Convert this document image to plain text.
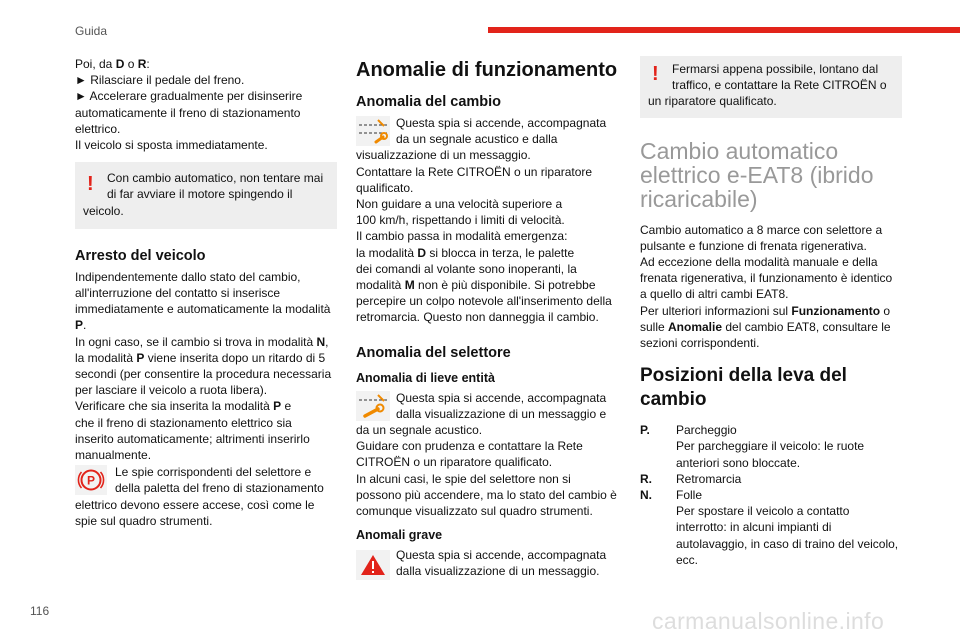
Guida
Poi, da D o R:
► Rilasciare il pedale del freno.
► Accelerare gradualmente per disinserire
automaticamente il freno di stazionamento
elettrico.
Il veicolo si sposta immediatamente.
!	Con cambio automatico, non tentare mai
di far avviare il motore spingendo il
veicolo.
Arresto del veicolo
Indipendentemente dallo stato del cambio,
all'interruzione del contatto si inserisce
immediatamente e automaticamente la modalità
P.
In ogni caso, se il cambio si trova in modalità N,
la modalità P viene inserita dopo un ritardo di 5
secondi (per consentire la procedura necessaria
per lasciare il veicolo a ruota libera).
Verificare che sia inserita la modalità P e
che il freno di stazionamento elettrico sia
inserito automaticamente; altrimenti inserirlo
manualmente.
P
Le spie corrispondenti del selettore e
della paletta del freno di stazionamento
elettrico devono essere accese, così come le
spie sul quadro strumenti.
Anomalie di funzionamento
Anomalia del cambio
Questa spia si accende, accompagnata
da un segnale acustico e dalla
visualizzazione di un messaggio.
Contattare la Rete CITROËN o un riparatore
qualificato.
Non guidare a una velocità superiore a
100 km/h, rispettando i limiti di velocità.
Il cambio passa in modalità emergenza:
la modalità D si blocca in terza, le palette
dei comandi al volante sono inoperanti, la
modalità M non è più disponibile. Si potrebbe
percepire un colpo notevole all'inserimento della
retromarcia. Questo non danneggia il cambio.
Anomalia del selettore
Anomalia di lieve entità
Questa spia si accende, accompagnata
dalla visualizzazione di un messaggio e
da un segnale acustico.
Guidare con prudenza e contattare la Rete
CITROËN o un riparatore qualificato.
In alcuni casi, le spie del selettore non si
possono più accendere, ma lo stato del cambio è
comunque visualizzato sul quadro strumenti.
Anomali grave
Questa spia si accende, accompagnata
dalla visualizzazione di un messaggio.
!	Fermarsi appena possibile, lontano dal
traffico, e contattare la Rete CITROËN o
un riparatore qualificato.
Cambio automatico
elettrico e-EAT8 (ibrido
ricaricabile)
Cambio automatico a 8 marce con selettore a
pulsante e funzione di frenata rigenerativa.
Ad eccezione della modalità manuale e della
frenata rigenerativa, il funzionamento è identico
a quello di altri cambi EAT8.
Per ulteriori informazioni sul Funzionamento o
sulle Anomalie del cambio EAT8, consultare le
sezioni corrispondenti.
Posizioni della leva del
cambio
P.	Parcheggio
Per parcheggiare il veicolo: le ruote
anteriori sono bloccate.
R.	Retromarcia
N.	Folle
Per spostare il veicolo a contatto
interrotto: in alcuni impianti di
autolavaggio, in caso di traino del veicolo,
ecc.
116	carmanualsonline.info
